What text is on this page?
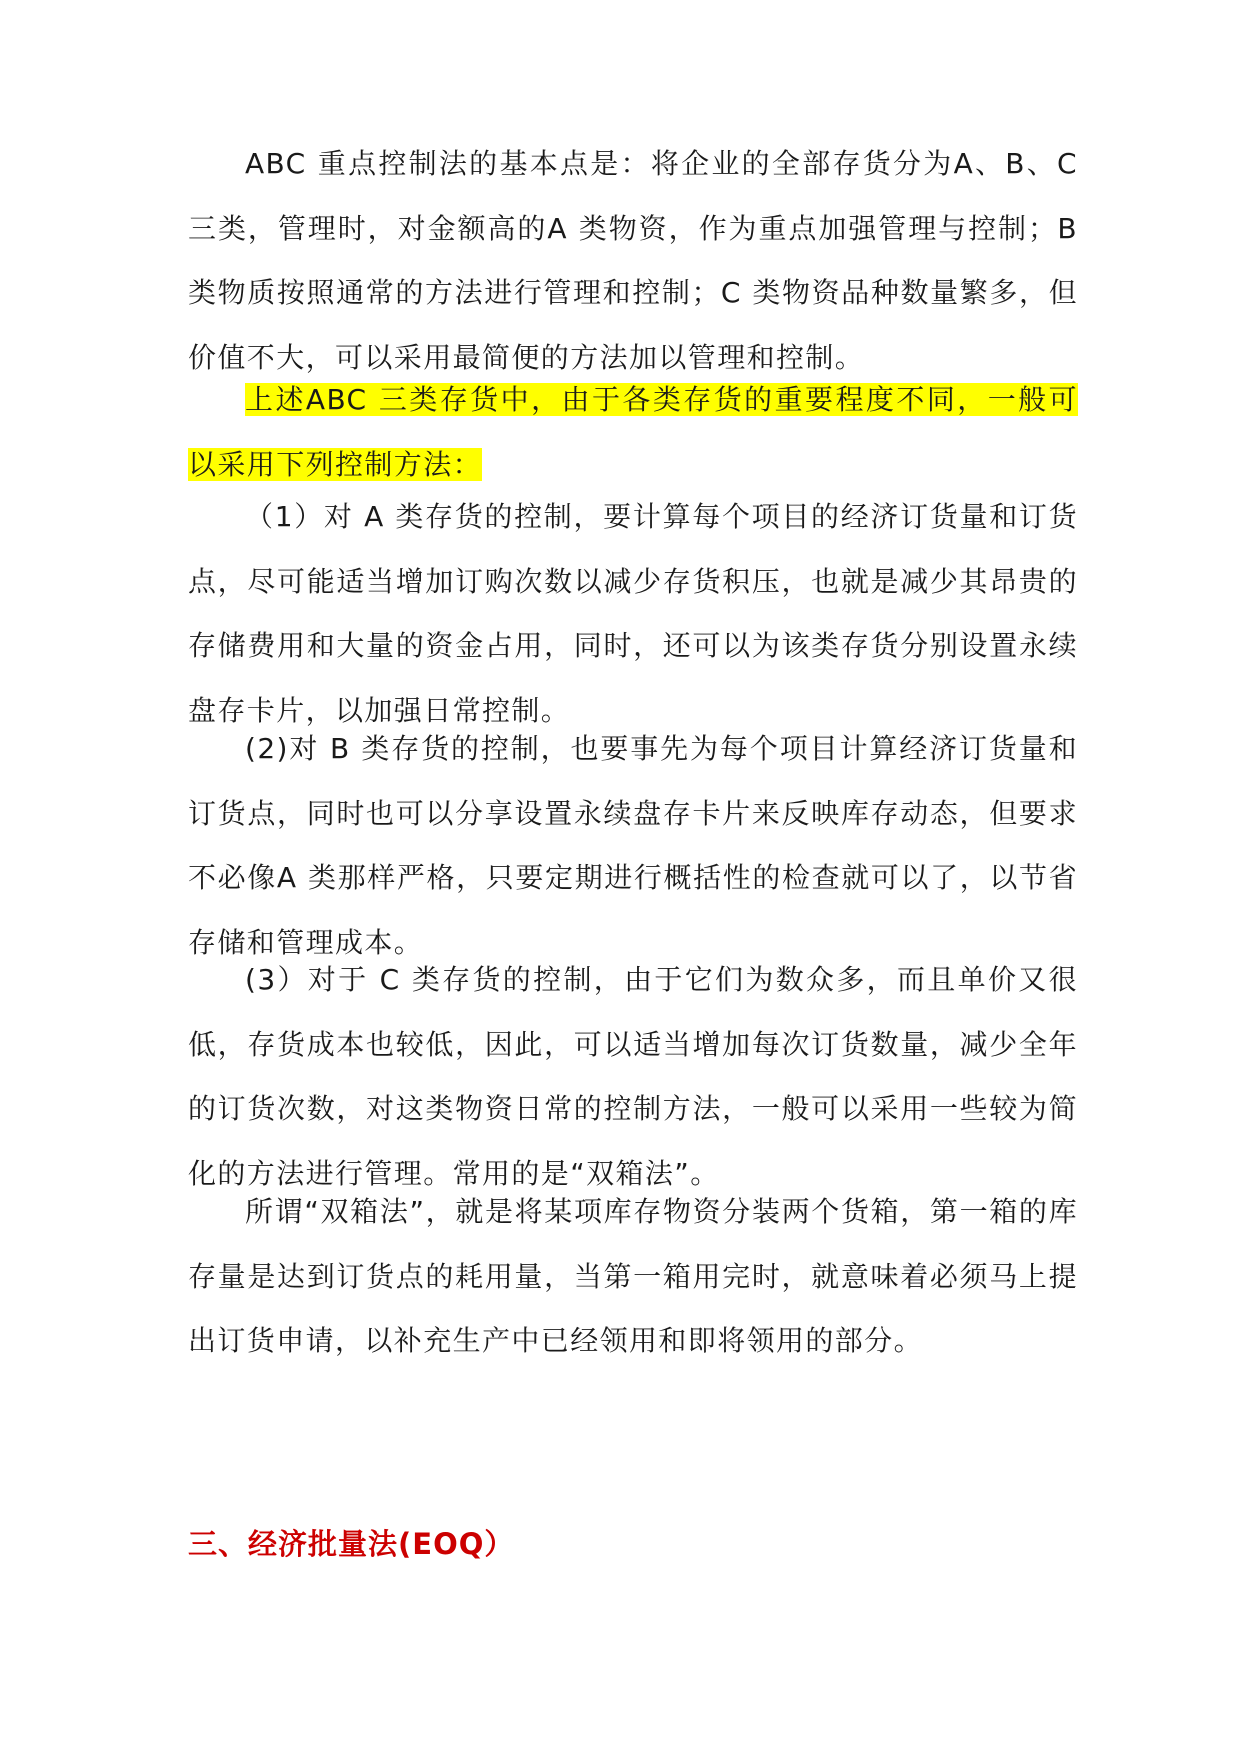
ABC 重点控制法的基本点是：将企业的全部存货分为A、B、C 三类，管理时，对金额高的A 类物资，作为重点加强管理与控制；B 类物质按照通常的方法进行管理和控制；C 类物资品种数量繁多，但价值不大，可以采用最简便的方法加以管理和控制。

上述ABC 三类存货中，由于各类存货的重要程度不同，一般可以采用下列控制方法：

（1）对 A 类存货的控制，要计算每个项目的经济订货量和订货点，尽可能适当增加订购次数以减少存货积压，也就是减少其昂贵的存储费用和大量的资金占用，同时，还可以为该类存货分别设置永续盘存卡片，以加强日常控制。

(2)对 B 类存货的控制，也要事先为每个项目计算经济订货量和订货点，同时也可以分享设置永续盘存卡片来反映库存动态，但要求不必像A 类那样严格，只要定期进行概括性的检查就可以了，以节省存储和管理成本。

(3）对于 C 类存货的控制，由于它们为数众多，而且单价又很低，存货成本也较低，因此，可以适当增加每次订货数量，减少全年的订货次数，对这类物资日常的控制方法，一般可以采用一些较为简化的方法进行管理。常用的是“双箱法”。

所谓“双箱法”，就是将某项库存物资分装两个货箱，第一箱的库存量是达到订货点的耗用量，当第一箱用完时，就意味着必须马上提出订货申请，以补充生产中已经领用和即将领用的部分。

三、经济批量法(EOQ）
